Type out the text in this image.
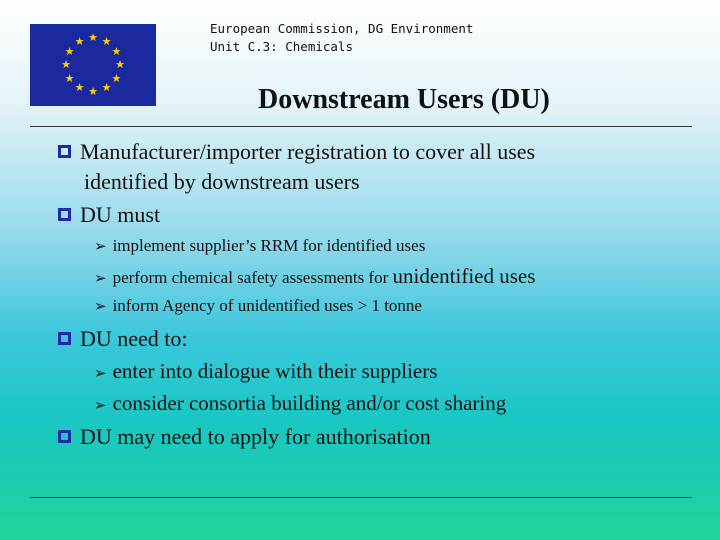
★ ★
★
★
★
★
★
★
★
★
★
★
European Commission, DG Environment
Unit C.3: Chemicals
Downstream Users (DU)
Manufacturer/importer registration to cover all uses
identified by downstream users
DU must
➢ implement supplier’s RRM for identified uses
➢ perform chemical safety assessments for unidentified uses
➢ inform Agency of unidentified uses > 1 tonne
DU need to:
➢ enter into dialogue with their suppliers
➢ consider consortia building and/or cost sharing
DU may need to apply for authorisation
